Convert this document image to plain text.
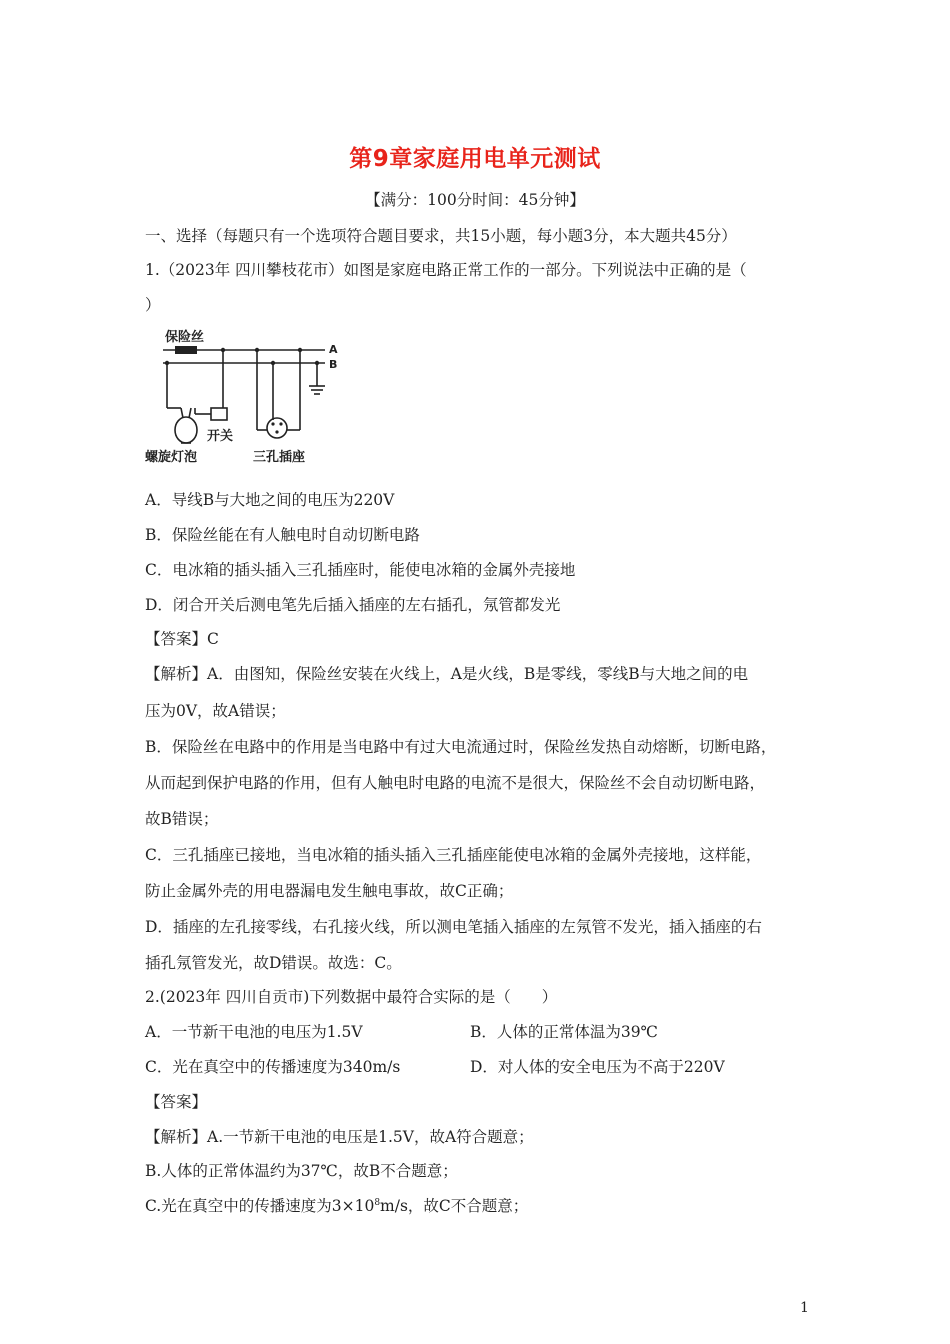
第9章家庭用电单元测试
【满分：100分时间：45分钟】
一、选择（每题只有一个选项符合题目要求，共15小题，每小题3分，本大题共45分）
1.（2023年 四川攀枝花市）如图是家庭电路正常工作的一部分。下列说法中正确的是（
）
保险丝
A
B
开关
螺旋灯泡	三孔插座
A．导线B与大地之间的电压为220V
B．保险丝能在有人触电时自动切断电路
C．电冰箱的插头插入三孔插座时，能使电冰箱的金属外壳接地
D．闭合开关后测电笔先后插入插座的左右插孔，氖管都发光
【答案】C
【解析】A．由图知，保险丝安装在火线上，A是火线，B是零线，零线B与大地之间的电
压为0V，故A错误；
B．保险丝在电路中的作用是当电路中有过大电流通过时，保险丝发热自动熔断，切断电路，
从而起到保护电路的作用，但有人触电时电路的电流不是很大，保险丝不会自动切断电路，
故B错误；
C．三孔插座已接地，当电冰箱的插头插入三孔插座能使电冰箱的金属外壳接地，这样能，
防止金属外壳的用电器漏电发生触电事故，故C正确；
D．插座的左孔接零线，右孔接火线，所以测电笔插入插座的左氖管不发光，插入插座的右
插孔氖管发光，故D错误。故选：C。
2.(2023年 四川自贡市)下列数据中最符合实际的是（　　）
A．一节新干电池的电压为1.5V	B．人体的正常体温为39℃
C．光在真空中的传播速度为340m/s	D．对人体的安全电压为不高于220V
【答案】
【解析】A.一节新干电池的电压是1.5V，故A符合题意；
B.人体的正常体温约为37℃，故B不合题意；
C.光在真空中的传播速度为$3\times 10^8m/s$，故C不合题意；
1
